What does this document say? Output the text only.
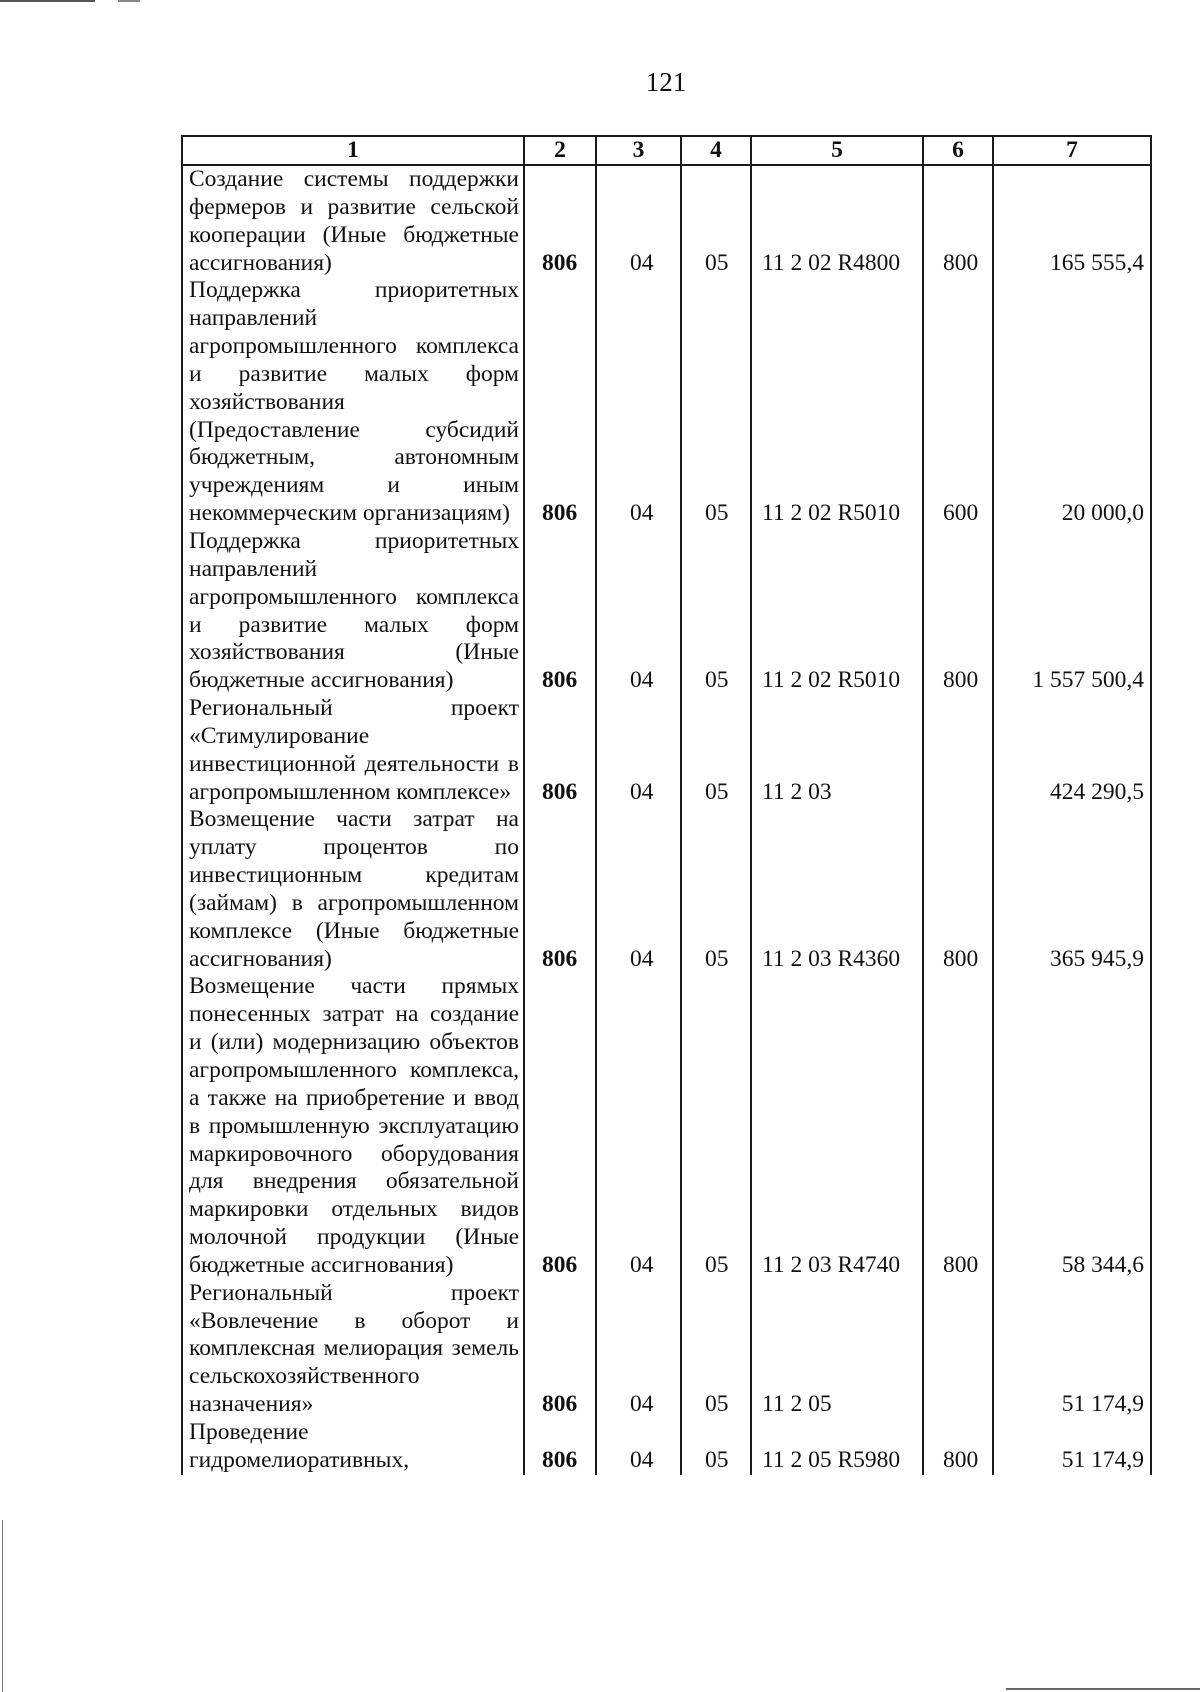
121
1	2	3	4	5	6	7
Создание системы поддержки фермеров и развитие сельской кооперации (Иные бюджетные ассигнования)	806	04	05	11 2 02 R4800	800	165 555,4
Поддержка приоритетных направлений агропромышленного комплекса и развитие малых форм хозяйствования (Предоставление субсидий бюджетным, автономным учреждениям и иным некоммерческим организациям)	806	04	05	11 2 02 R5010	600	20 000,0
Поддержка приоритетных направлений агропромышленного комплекса и развитие малых форм хозяйствования (Иные бюджетные ассигнования)	806	04	05	11 2 02 R5010	800	1 557 500,4
Региональный проект «Стимулирование инвестиционной деятельности в агропромышленном комплексе»	806	04	05	11 2 03		424 290,5
Возмещение части затрат на уплату процентов по инвестиционным кредитам (займам) в агропромышленном комплексе (Иные бюджетные ассигнования)	806	04	05	11 2 03 R4360	800	365 945,9
Возмещение части прямых понесенных затрат на создание и (или) модернизацию объектов агропромышленного комплекса, а также на приобретение и ввод в промышленную эксплуатацию маркировочного оборудования для внедрения обязательной маркировки отдельных видов молочной продукции (Иные бюджетные ассигнования)	806	04	05	11 2 03 R4740	800	58 344,6
Региональный проект «Вовлечение в оборот и комплексная мелиорация земель сельскохозяйственного назначения»	806	04	05	11 2 05		51 174,9
Проведение гидромелиоративных,	806	04	05	11 2 05 R5980	800	51 174,9
